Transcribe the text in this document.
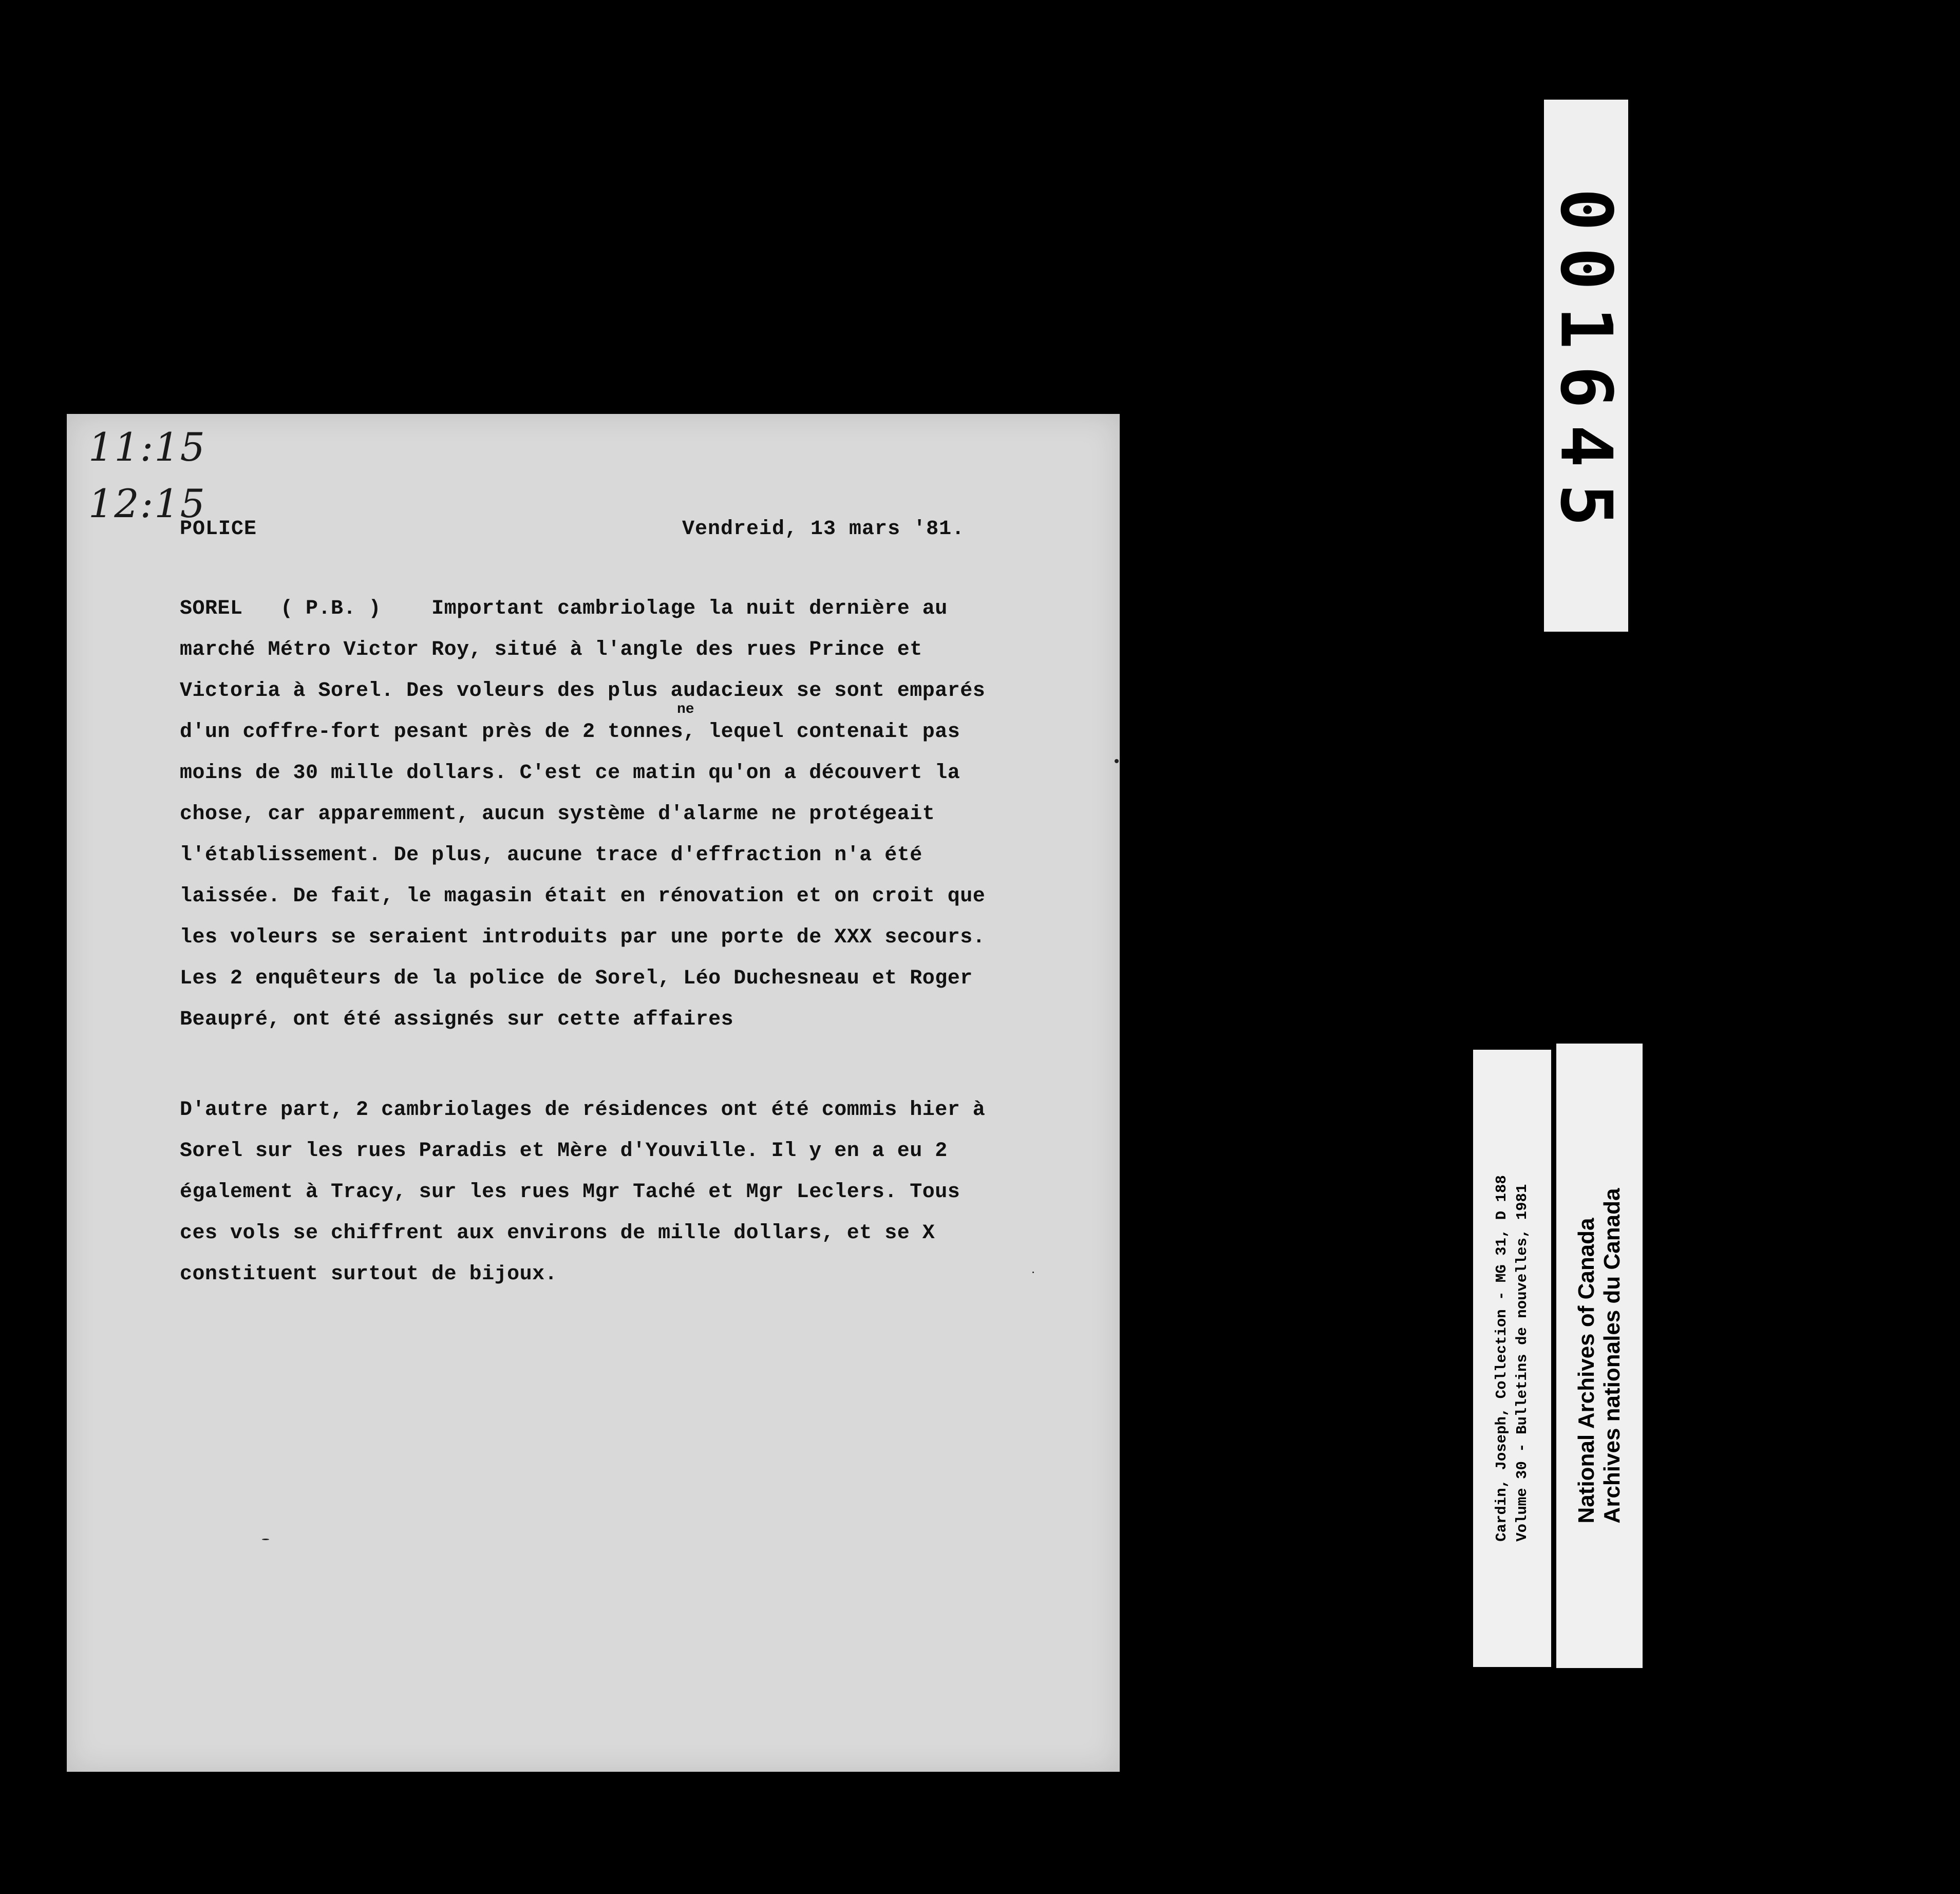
11:15
12:15
POLICE	Vendreid, 13 mars '81.
ne
SOREL   ( P.B. )    Important cambriolage la nuit dernière au
marché Métro Victor Roy, situé à l'angle des rues Prince et
Victoria à Sorel. Des voleurs des plus audacieux se sont emparés
d'un coffre-fort pesant près de 2 tonnes, lequel contenait pas
moins de 30 mille dollars. C'est ce matin qu'on a découvert la
chose, car apparemment, aucun système d'alarme ne protégeait
l'établissement. De plus, aucune trace d'effraction n'a été
laissée. De fait, le magasin était en rénovation et on croit que
les voleurs se seraient introduits par une porte de XXX secours.
Les 2 enquêteurs de la police de Sorel, Léo Duchesneau et Roger
Beaupré, ont été assignés sur cette affaires
D'autre part, 2 cambriolages de résidences ont été commis hier à
Sorel sur les rues Paradis et Mère d'Youville. Il y en a eu 2
également à Tracy, sur les rues Mgr Taché et Mgr Leclers. Tous
ces vols se chiffrent aux environs de mille dollars, et se X
constituent surtout de bijoux.
001645
Cardin, Joseph, Collection - MG 31, D 188 Volume 30 - Bulletins de nouvelles, 1981 National Archives of Canada Archives nationales du Canada
